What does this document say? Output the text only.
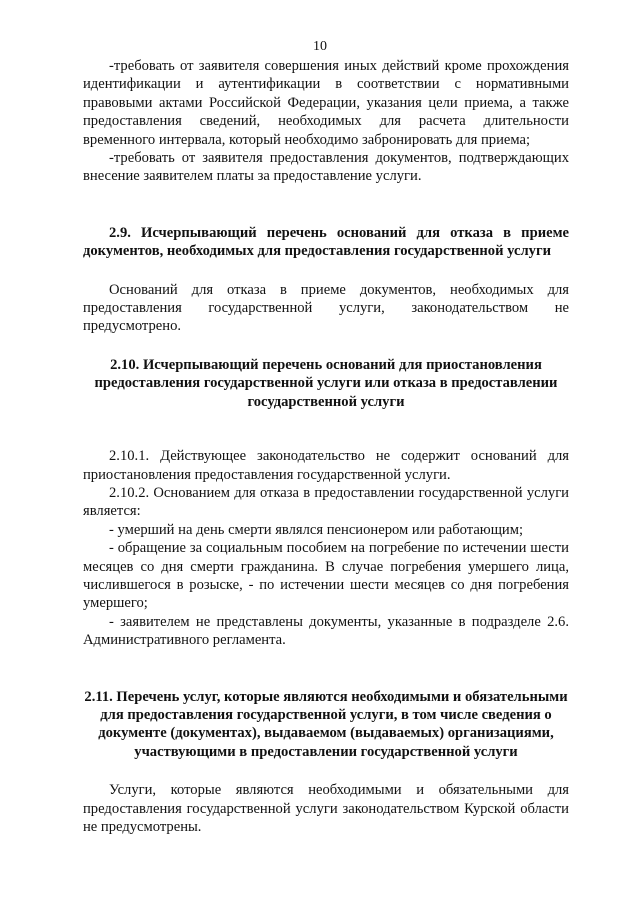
10

-требовать от заявителя совершения иных действий кроме прохождения идентификации и аутентификации в соответствии с нормативными правовыми актами Российской Федерации, указания цели приема, а также предоставления сведений, необходимых для расчета длительности временного интервала, который необходимо забронировать для приема;

-требовать от заявителя предоставления документов, подтверждающих внесение заявителем платы за предоставление услуги.

2.9. Исчерпывающий перечень оснований для отказа в приеме документов, необходимых для предоставления государственной услуги

Оснований для отказа в приеме документов, необходимых для предоставления государственной услуги, законодательством не предусмотрено.

2.10. Исчерпывающий перечень оснований для приостановления предоставления государственной услуги или отказа в предоставлении государственной услуги

2.10.1. Действующее законодательство не содержит оснований для приостановления предоставления государственной услуги.

2.10.2. Основанием для отказа в предоставлении государственной услуги является:

- умерший на день смерти являлся пенсионером или работающим;

- обращение за социальным пособием на погребение по истечении шести месяцев со дня смерти гражданина. В случае погребения умершего лица, числившегося в розыске, - по истечении шести месяцев со дня погребения умершего;

- заявителем не представлены документы, указанные в подразделе 2.6. Административного регламента.

2.11. Перечень услуг, которые являются необходимыми и обязательными для предоставления государственной услуги, в том числе сведения о документе (документах), выдаваемом (выдаваемых) организациями, участвующими в предоставлении государственной услуги

Услуги, которые являются необходимыми и обязательными для предоставления государственной услуги законодательством Курской области не предусмотрены.
